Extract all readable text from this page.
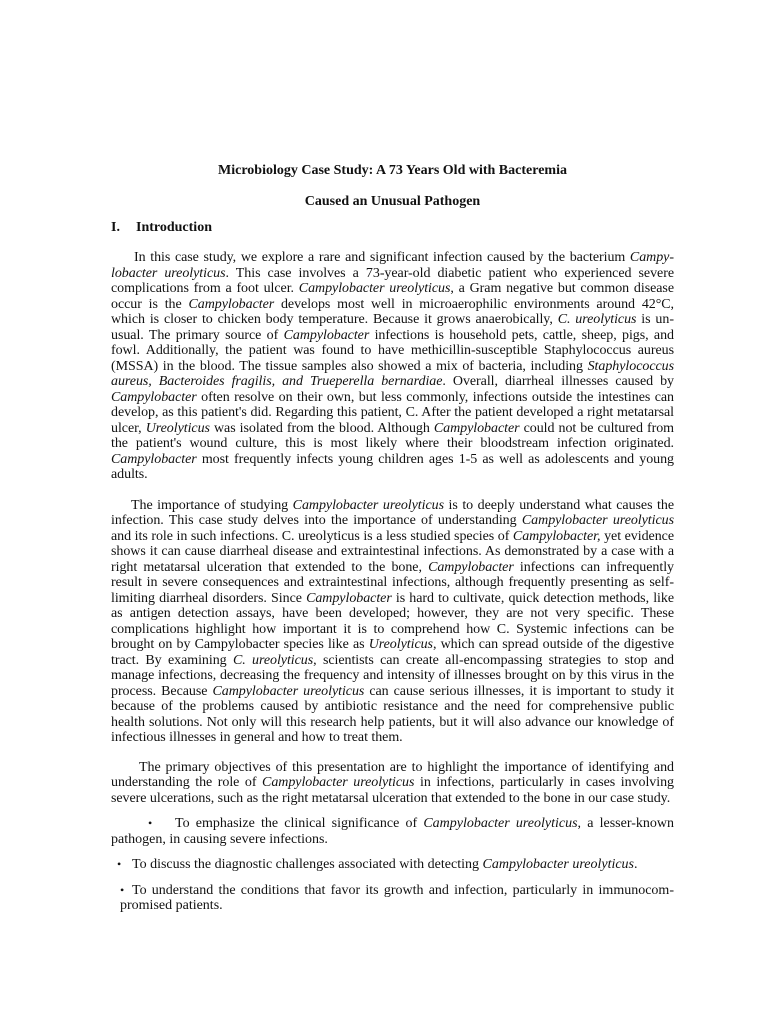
Microbiology Case Study: A 73 Years Old with Bacteremia

Caused an Unusual Pathogen

I.	Introduction

In this case study, we explore a rare and significant infection caused by the bacterium Campylobacter ureolyticus. This case involves a 73-year-old diabetic patient who experienced severe complications from a foot ulcer. Campylobacter ureolyticus, a Gram negative but common disease occur is the Campylobacter develops most well in microaerophilic environments around 42°C, which is closer to chicken body temperature. Because it grows anaerobically, C. ureolyticus is unusual. The primary source of Campylobacter infections is household pets, cattle, sheep, pigs, and fowl. Additionally, the patient was found to have methicillin-susceptible Staphylococcus aureus (MSSA) in the blood. The tissue samples also showed a mix of bacteria, including Staphylococcus aureus, Bacteroides fragilis, and Trueperella bernardiae. Overall, diarrheal illnesses caused by Campylobacter often resolve on their own, but less commonly, infections outside the intestines can develop, as this patient's did. Regarding this patient, C. After the patient developed a right metatarsal ulcer, Ureolyticus was isolated from the blood. Although Campylobacter could not be cultured from the patient's wound culture, this is most likely where their bloodstream infection originated. Campylobacter most frequently infects young children ages 1-5 as well as adolescents and young adults.

The importance of studying Campylobacter ureolyticus is to deeply understand what causes the infection. This case study delves into the importance of understanding Campylobacter ureolyticus and its role in such infections. C. ureolyticus is a less studied species of Campylobacter, yet evidence shows it can cause diarrheal disease and extraintestinal infections. As demonstrated by a case with a right metatarsal ulceration that extended to the bone, Campylobacter infections can infrequently result in severe consequences and extraintestinal infections, although frequently presenting as self-limiting diarrheal disorders. Since Campylobacter is hard to cultivate, quick detection methods, like as antigen detection assays, have been developed; however, they are not very specific. These complications highlight how important it is to comprehend how C. Systemic infections can be brought on by Campylobacter species like as Ureolyticus, which can spread outside of the digestive tract. By examining C. ureolyticus, scientists can create all-encompassing strategies to stop and manage infections, decreasing the frequency and intensity of illnesses brought on by this virus in the process. Because Campylobacter ureolyticus can cause serious illnesses, it is important to study it because of the problems caused by antibiotic resistance and the need for comprehensive public health solutions. Not only will this research help patients, but it will also advance our knowledge of infectious illnesses in general and how to treat them.

The primary objectives of this presentation are to highlight the importance of identifying and understanding the role of Campylobacter ureolyticus in infections, particularly in cases involving severe ulcerations, such as the right metatarsal ulceration that extended to the bone in our case study.

• To emphasize the clinical significance of Campylobacter ureolyticus, a lesser-known pathogen, in causing severe infections.
• To discuss the diagnostic challenges associated with detecting Campylobacter ureolyticus.
• To understand the conditions that favor its growth and infection, particularly in immunocompromised patients.
